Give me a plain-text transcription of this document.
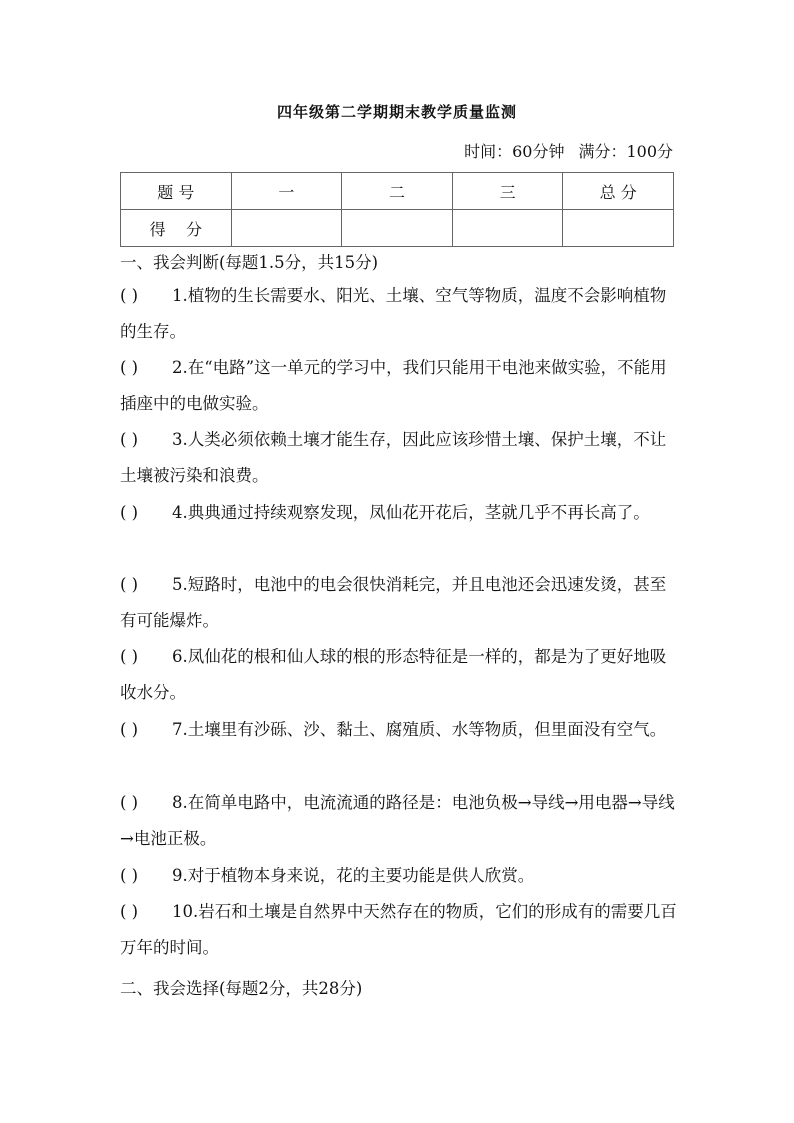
四年级第二学期期末教学质量监测
时间：60分钟 满分：100分
题 号	一	二	三	总 分
得    分				
一、我会判断(每题1.5分，共15分)
( ) 1.植物的生长需要水、阳光、土壤、空气等物质，温度不会影响植物的生存。
( ) 2.在“电路”这一单元的学习中，我们只能用干电池来做实验，不能用插座中的电做实验。
( ) 3.人类必须依赖土壤才能生存，因此应该珍惜土壤、保护土壤，不让土壤被污染和浪费。
( ) 4.典典通过持续观察发现，凤仙花开花后，茎就几乎不再长高了。
( ) 5.短路时，电池中的电会很快消耗完，并且电池还会迅速发烫，甚至有可能爆炸。
( ) 6.凤仙花的根和仙人球的根的形态特征是一样的，都是为了更好地吸收水分。
( ) 7.土壤里有沙砾、沙、黏土、腐殖质、水等物质，但里面没有空气。
( ) 8.在简单电路中，电流流通的路径是：电池负极→导线→用电器→导线→电池正极。
( ) 9.对于植物本身来说，花的主要功能是供人欣赏。
( ) 10.岩石和土壤是自然界中天然存在的物质，它们的形成有的需要几百万年的时间。
二、我会选择(每题2分，共28分)
